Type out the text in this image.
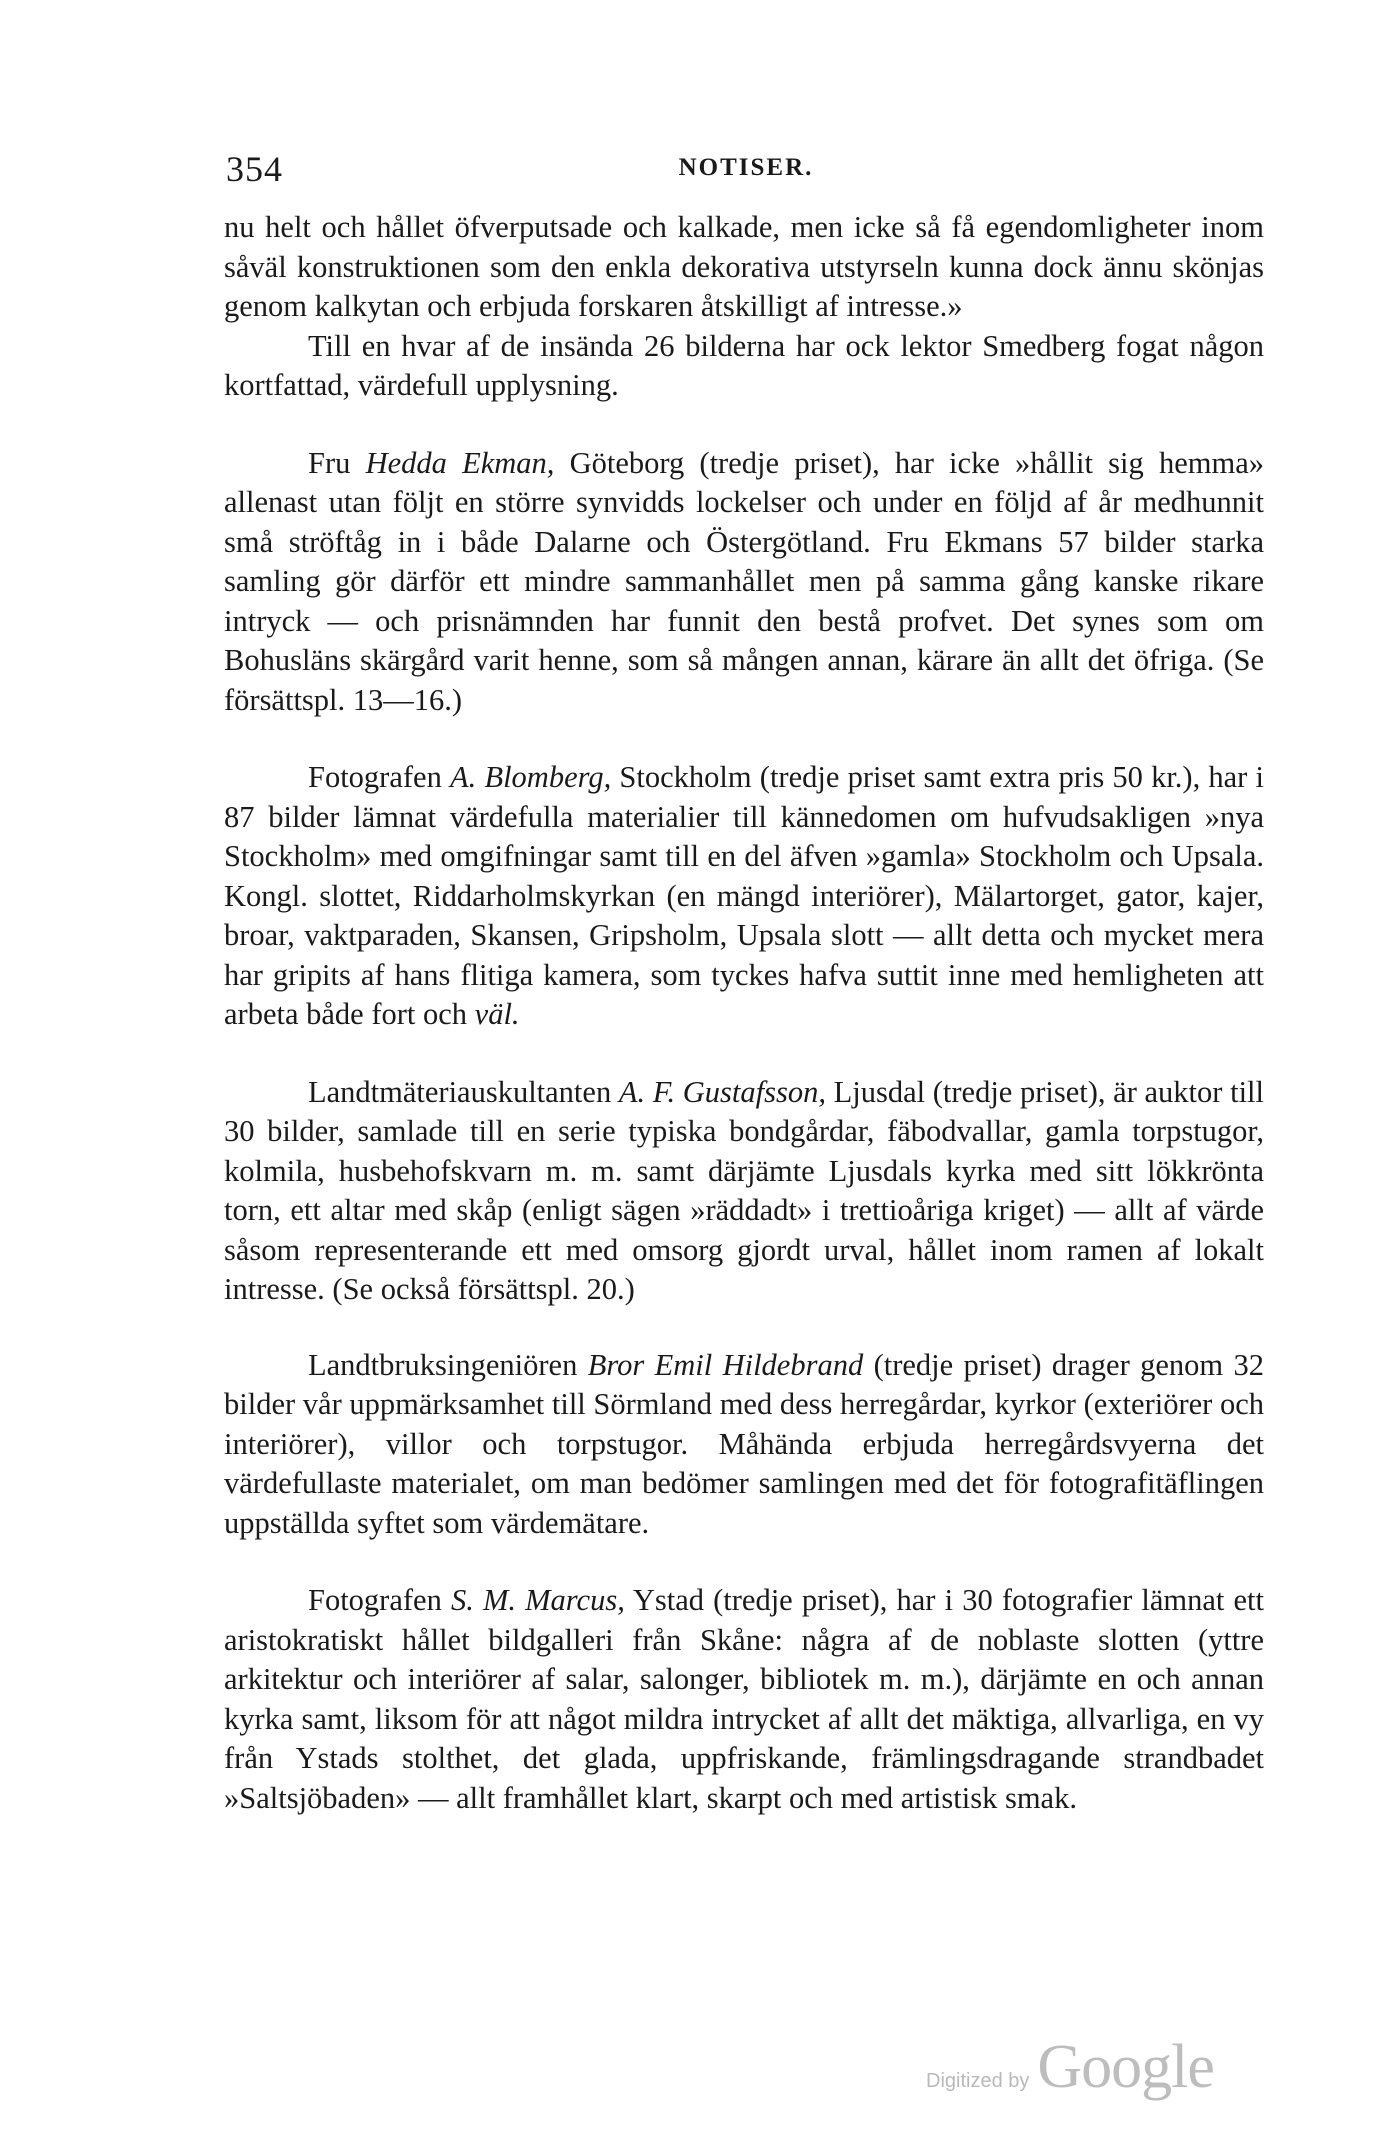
354	NOTISER.

nu helt och hållet öfverputsade och kalkade, men icke så få egendomligheter inom såväl konstruktionen som den enkla dekorativa utstyrseln kunna dock ännu skönjas genom kalkytan och erbjuda forskaren åtskilligt af intresse.»

Till en hvar af de insända 26 bilderna har ock lektor Smedberg fogat någon kortfattad, värdefull upplysning.

Fru Hedda Ekman, Göteborg (tredje priset), har icke »hållit sig hemma» allenast utan följt en större synvidds lockelser och under en följd af år medhunnit små ströftåg in i både Dalarne och Östergötland. Fru Ekmans 57 bilder starka samling gör därför ett mindre sammanhållet men på samma gång kanske rikare intryck — och prisnämnden har funnit den bestå profvet. Det synes som om Bohusläns skärgård varit henne, som så mången annan, kärare än allt det öfriga. (Se försättspl. 13—16.)

Fotografen A. Blomberg, Stockholm (tredje priset samt extra pris 50 kr.), har i 87 bilder lämnat värdefulla materialier till kännedomen om hufvudsakligen »nya Stockholm» med omgifningar samt till en del äfven »gamla» Stockholm och Upsala. Kongl. slottet, Riddarholmskyrkan (en mängd interiörer), Mälartorget, gator, kajer, broar, vaktparaden, Skansen, Gripsholm, Upsala slott — allt detta och mycket mera har gripits af hans flitiga kamera, som tyckes hafva suttit inne med hemligheten att arbeta både fort och väl.

Landtmäteriauskultanten A. F. Gustafsson, Ljusdal (tredje priset), är auktor till 30 bilder, samlade till en serie typiska bondgårdar, fäbodvallar, gamla torpstugor, kolmila, husbehofskvarn m. m. samt därjämte Ljusdals kyrka med sitt lökkrönta torn, ett altar med skåp (enligt sägen »räddadt» i trettioåriga kriget) — allt af värde såsom representerande ett med omsorg gjordt urval, hållet inom ramen af lokalt intresse. (Se också försättspl. 20.)

Landtbruksingeniören Bror Emil Hildebrand (tredje priset) drager genom 32 bilder vår uppmärksamhet till Sörmland med dess herregårdar, kyrkor (exteriörer och interiörer), villor och torpstugor. Måhända erbjuda herregårdsvyerna det värdefullaste materialet, om man bedömer samlingen med det för fotografitäflingen uppställda syftet som värdemätare.

Fotografen S. M. Marcus, Ystad (tredje priset), har i 30 fotografier lämnat ett aristokratiskt hållet bildgalleri från Skåne: några af de noblaste slotten (yttre arkitektur och interiörer af salar, salonger, bibliotek m. m.), därjämte en och annan kyrka samt, liksom för att något mildra intrycket af allt det mäktiga, allvarliga, en vy från Ystads stolthet, det glada, uppfriskande, främlingsdragande strandbadet »Saltsjöbaden» — allt framhållet klart, skarpt och med artistisk smak.

Digitized by Google
